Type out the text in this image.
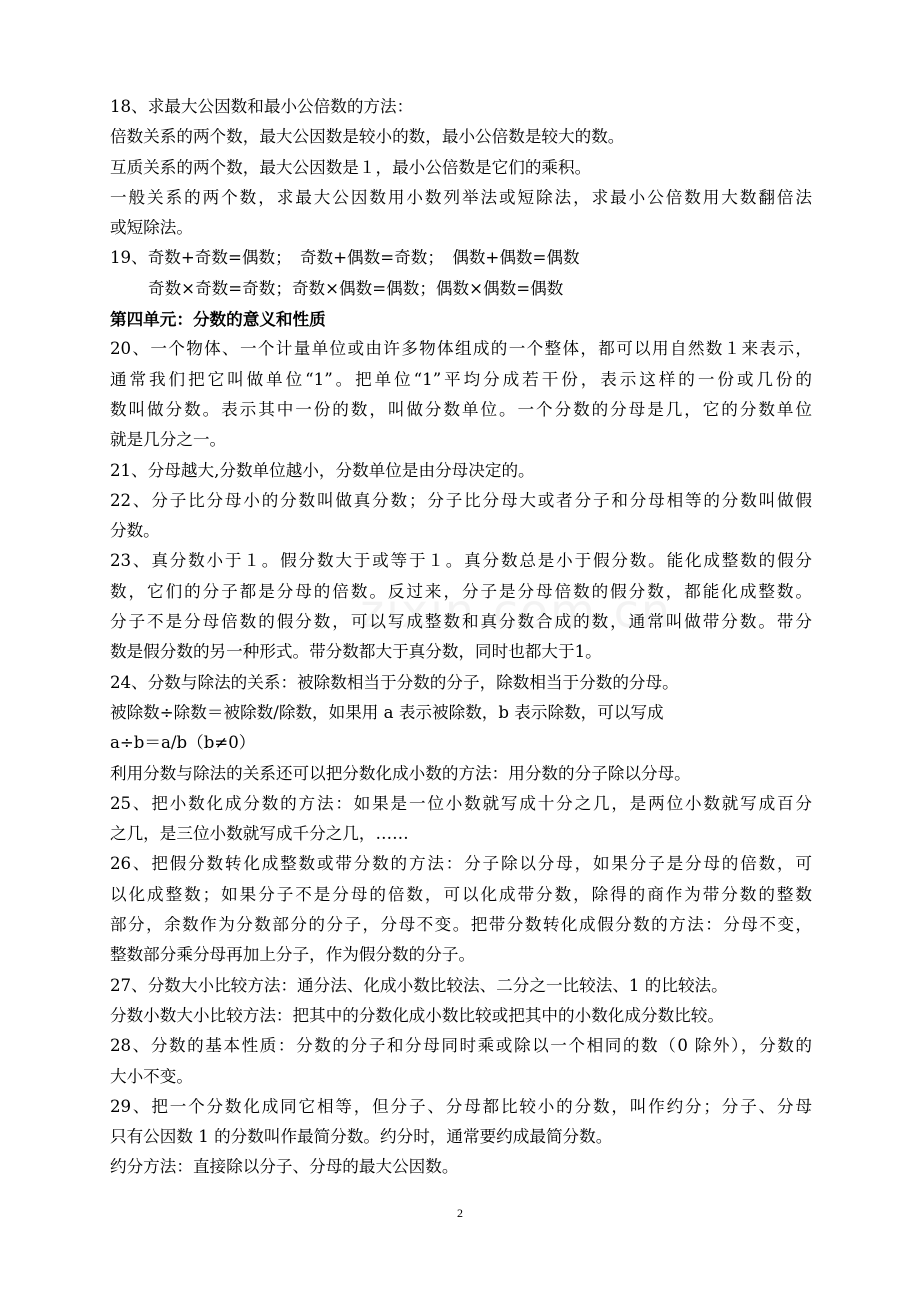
18、求最大公因数和最小公倍数的方法：
倍数关系的两个数，最大公因数是较小的数，最小公倍数是较大的数。
互质关系的两个数，最大公因数是１，最小公倍数是它们的乘积。
一般关系的两个数，求最大公因数用小数列举法或短除法，求最小公倍数用大数翻倍法
或短除法。
19、奇数+奇数=偶数；　奇数+偶数=奇数；　偶数+偶数=偶数
奇数×奇数=奇数；奇数×偶数=偶数；偶数×偶数=偶数
第四单元：分数的意义和性质
20、一个物体、一个计量单位或由许多物体组成的一个整体，都可以用自然数１来表示，
通常我们把它叫做单位“1”。把单位“1”平均分成若干份，表示这样的一份或几份的
数叫做分数。表示其中一份的数，叫做分数单位。一个分数的分母是几，它的分数单位
就是几分之一。
21、分母越大,分数单位越小，分数单位是由分母决定的。
22、分子比分母小的分数叫做真分数；分子比分母大或者分子和分母相等的分数叫做假
分数。
23、真分数小于１。假分数大于或等于１。真分数总是小于假分数。能化成整数的假分
数，它们的分子都是分母的倍数。反过来，分子是分母倍数的假分数，都能化成整数。
分子不是分母倍数的假分数，可以写成整数和真分数合成的数，通常叫做带分数。带分
数是假分数的另一种形式。带分数都大于真分数，同时也都大于1。
24、分数与除法的关系：被除数相当于分数的分子，除数相当于分数的分母。
被除数÷除数＝被除数/除数，如果用 a 表示被除数，b 表示除数，可以写成
a÷b＝a/b（b≠0）
利用分数与除法的关系还可以把分数化成小数的方法：用分数的分子除以分母。
25、把小数化成分数的方法：如果是一位小数就写成十分之几，是两位小数就写成百分
之几，是三位小数就写成千分之几，……
26、把假分数转化成整数或带分数的方法：分子除以分母，如果分子是分母的倍数，可
以化成整数；如果分子不是分母的倍数，可以化成带分数，除得的商作为带分数的整数
部分，余数作为分数部分的分子，分母不变。把带分数转化成假分数的方法：分母不变，
整数部分乘分母再加上分子，作为假分数的分子。
27、分数大小比较方法：通分法、化成小数比较法、二分之一比较法、1 的比较法。
分数小数大小比较方法：把其中的分数化成小数比较或把其中的小数化成分数比较。
28、分数的基本性质：分数的分子和分母同时乘或除以一个相同的数（0 除外），分数的
大小不变。
29、把一个分数化成同它相等，但分子、分母都比较小的分数，叫作约分；分子、分母
只有公因数 1 的分数叫作最简分数。约分时，通常要约成最简分数。
约分方法：直接除以分子、分母的最大公因数。
2
